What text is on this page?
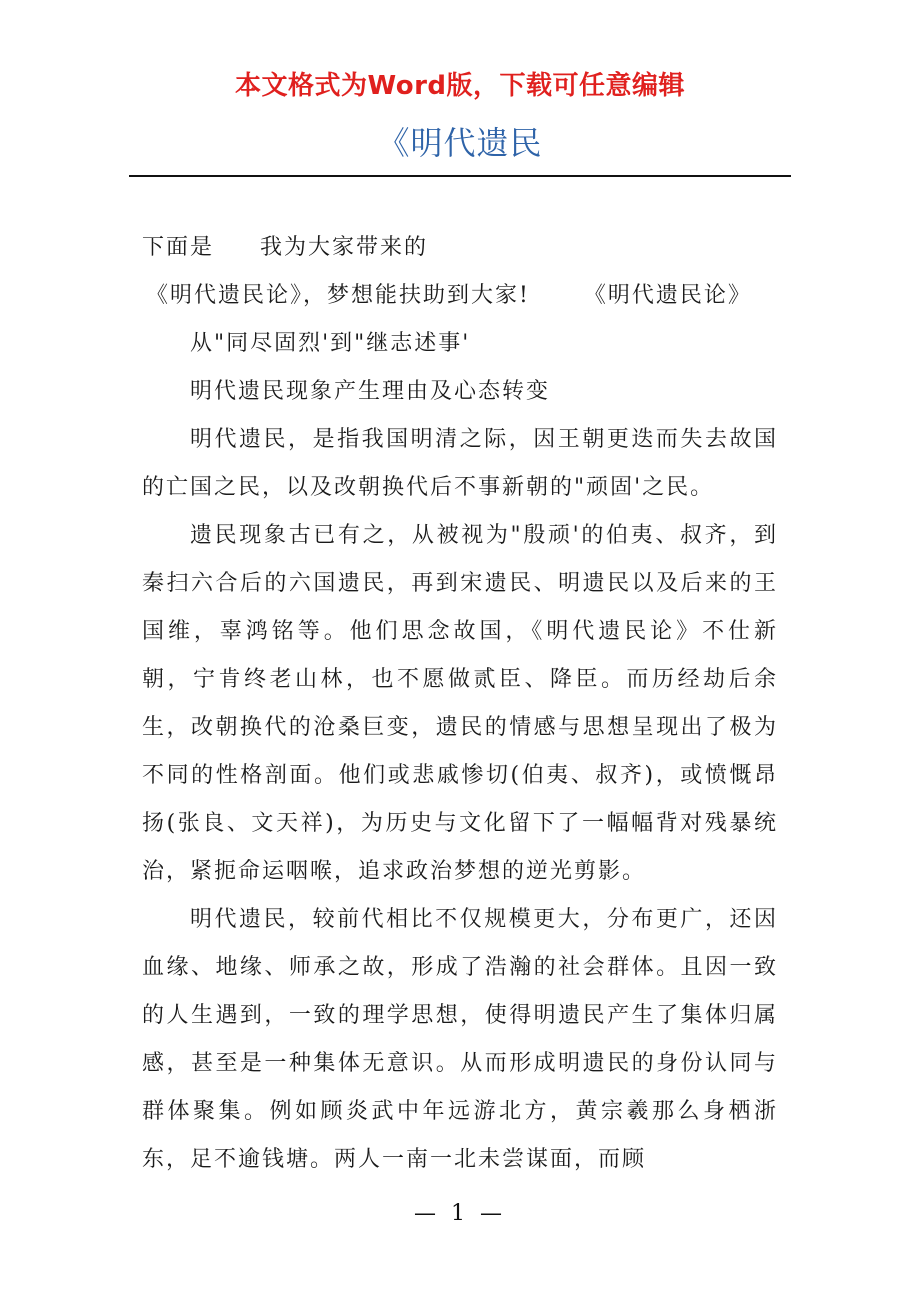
本文格式为Word版，下载可任意编辑
《明代遗民

下面是 我为大家带来的

《明代遗民论》，梦想能扶助到大家! 《明代遗民论》

从"同尽固烈'到"继志述事'

明代遗民现象产生理由及心态转变

明代遗民，是指我国明清之际，因王朝更迭而失去故国的亡国之民，以及改朝换代后不事新朝的"顽固'之民。

遗民现象古已有之，从被视为"殷顽'的伯夷、叔齐，到秦扫六合后的六国遗民，再到宋遗民、明遗民以及后来的王国维，辜鸿铭等。他们思念故国，《明代遗民论》不仕新朝，宁肯终老山林，也不愿做贰臣、降臣。而历经劫后余生，改朝换代的沧桑巨变，遗民的情感与思想呈现出了极为不同的性格剖面。他们或悲戚惨切(伯夷、叔齐)，或愤慨昂扬(张良、文天祥)，为历史与文化留下了一幅幅背对残暴统治，紧扼命运咽喉，追求政治梦想的逆光剪影。

明代遗民，较前代相比不仅规模更大，分布更广，还因血缘、地缘、师承之故，形成了浩瀚的社会群体。且因一致的人生遇到，一致的理学思想，使得明遗民产生了集体归属感，甚至是一种集体无意识。从而形成明遗民的身份认同与群体聚集。例如顾炎武中年远游北方，黄宗羲那么身栖浙东，足不逾钱塘。两人一南一北未尝谋面，而顾

— 1 —
